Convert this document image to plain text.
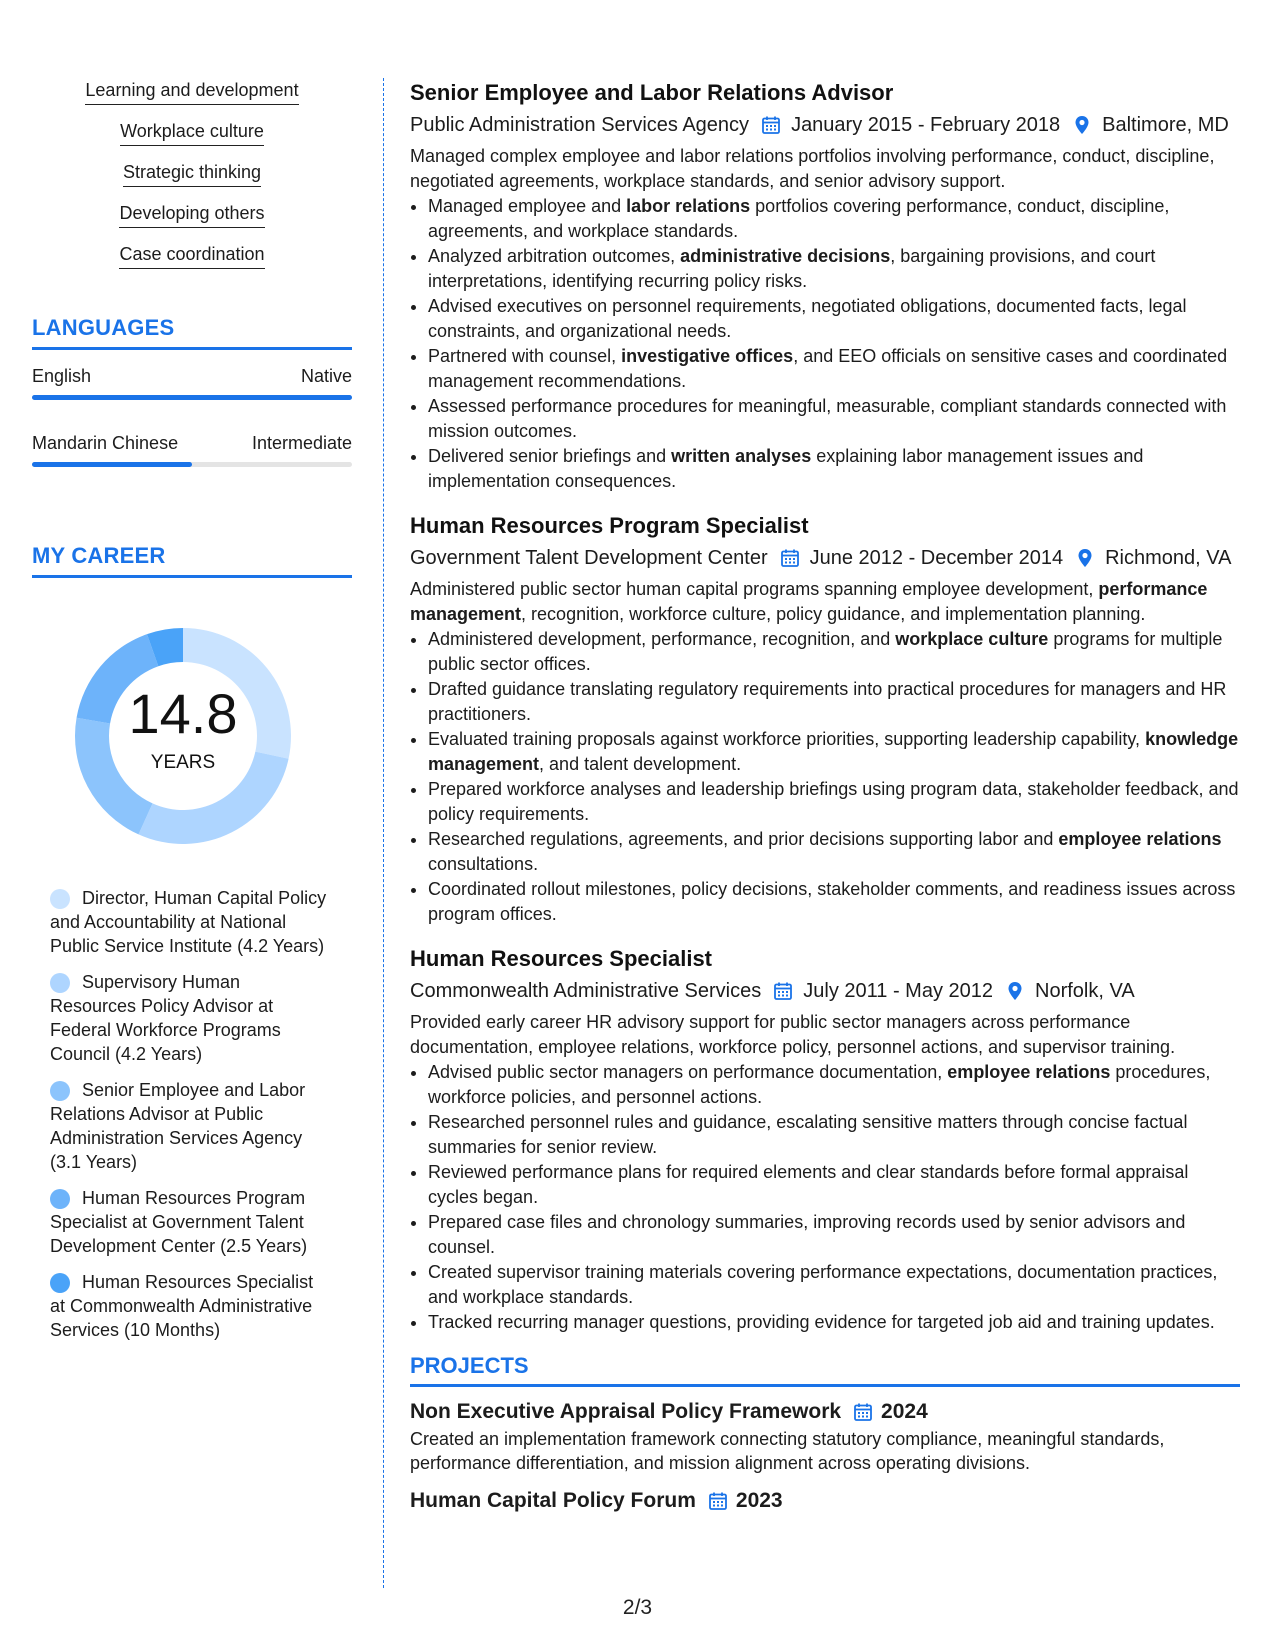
Learning and development
Workplace culture
Strategic thinking
Developing others
Case coordination
LANGUAGES
English	Native
Mandarin Chinese	Intermediate
MY CAREER
14.8
YEARS
Director, Human Capital Policy and Accountability at National Public Service Institute (4.2 Years)
Supervisory Human Resources Policy Advisor at Federal Workforce Programs Council (4.2 Years)
Senior Employee and Labor Relations Advisor at Public Administration Services Agency (3.1 Years)
Human Resources Program Specialist at Government Talent Development Center (2.5 Years)
Human Resources Specialist at Commonwealth Administrative Services (10 Months)
Senior Employee and Labor Relations Advisor
Public Administration Services Agency January 2015 - February 2018 Baltimore, MD
Managed complex employee and labor relations portfolios involving performance, conduct, discipline, negotiated agreements, workplace standards, and senior advisory support.
• Managed employee and labor relations portfolios covering performance, conduct, discipline, agreements, and workplace standards.
• Analyzed arbitration outcomes, administrative decisions, bargaining provisions, and court interpretations, identifying recurring policy risks.
• Advised executives on personnel requirements, negotiated obligations, documented facts, legal constraints, and organizational needs.
• Partnered with counsel, investigative offices, and EEO officials on sensitive cases and coordinated management recommendations.
• Assessed performance procedures for meaningful, measurable, compliant standards connected with mission outcomes.
• Delivered senior briefings and written analyses explaining labor management issues and implementation consequences.
Human Resources Program Specialist
Government Talent Development Center June 2012 - December 2014 Richmond, VA
Administered public sector human capital programs spanning employee development, performance management, recognition, workforce culture, policy guidance, and implementation planning.
• Administered development, performance, recognition, and workplace culture programs for multiple public sector offices.
• Drafted guidance translating regulatory requirements into practical procedures for managers and HR practitioners.
• Evaluated training proposals against workforce priorities, supporting leadership capability, knowledge management, and talent development.
• Prepared workforce analyses and leadership briefings using program data, stakeholder feedback, and policy requirements.
• Researched regulations, agreements, and prior decisions supporting labor and employee relations consultations.
• Coordinated rollout milestones, policy decisions, stakeholder comments, and readiness issues across program offices.
Human Resources Specialist
Commonwealth Administrative Services July 2011 - May 2012 Norfolk, VA
Provided early career HR advisory support for public sector managers across performance documentation, employee relations, workforce policy, personnel actions, and supervisor training.
• Advised public sector managers on performance documentation, employee relations procedures, workforce policies, and personnel actions.
• Researched personnel rules and guidance, escalating sensitive matters through concise factual summaries for senior review.
• Reviewed performance plans for required elements and clear standards before formal appraisal cycles began.
• Prepared case files and chronology summaries, improving records used by senior advisors and counsel.
• Created supervisor training materials covering performance expectations, documentation practices, and workplace standards.
• Tracked recurring manager questions, providing evidence for targeted job aid and training updates.
PROJECTS
Non Executive Appraisal Policy Framework 2024
Created an implementation framework connecting statutory compliance, meaningful standards, performance differentiation, and mission alignment across operating divisions.
Human Capital Policy Forum 2023
2/3
